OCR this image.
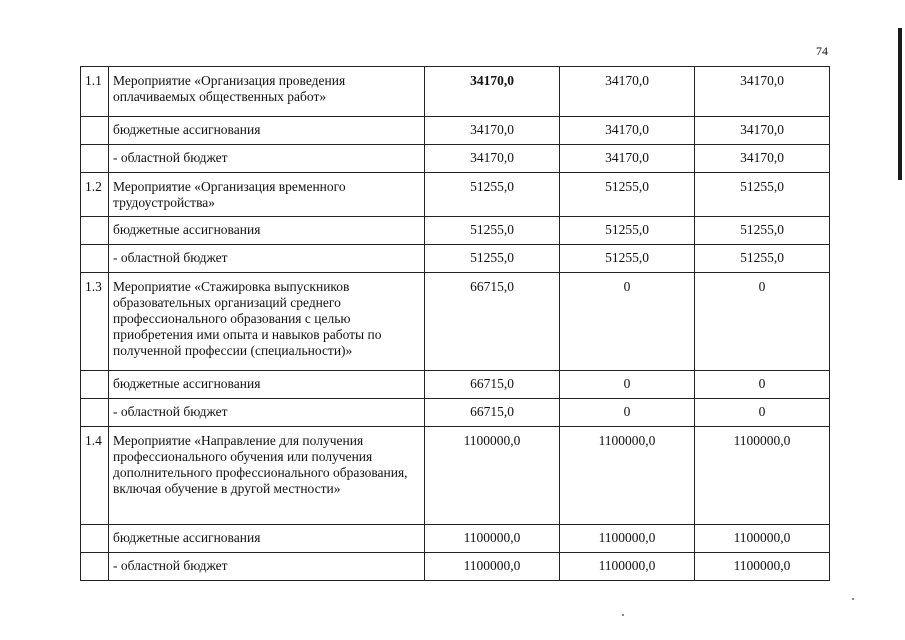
74
1.1	Мероприятие «Организация проведения оплачиваемых общественных работ»	34170,0	34170,0	34170,0
	бюджетные ассигнования	34170,0	34170,0	34170,0
	- областной бюджет	34170,0	34170,0	34170,0
1.2	Мероприятие «Организация временного трудоустройства»	51255,0	51255,0	51255,0
	бюджетные ассигнования	51255,0	51255,0	51255,0
	- областной бюджет	51255,0	51255,0	51255,0
1.3	Мероприятие «Стажировка выпускников образовательных организаций среднего профессионального образования с целью приобретения ими опыта и навыков работы по полученной профессии (специальности)»	66715,0	0	0
	бюджетные ассигнования	66715,0	0	0
	- областной бюджет	66715,0	0	0
1.4	Мероприятие «Направление для получения профессионального обучения или получения дополнительного профессионального образования, включая обучение в другой местности»	1100000,0	1100000,0	1100000,0
	бюджетные ассигнования	1100000,0	1100000,0	1100000,0
	- областной бюджет	1100000,0	1100000,0	1100000,0
